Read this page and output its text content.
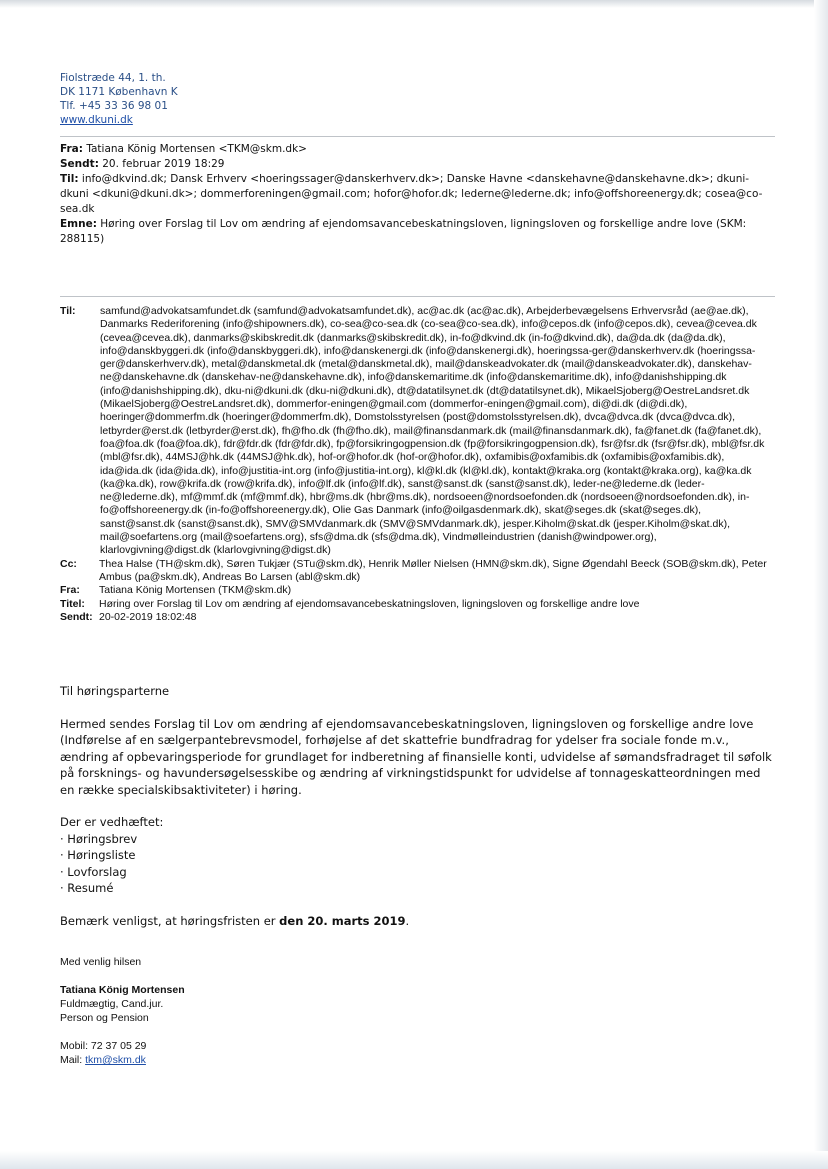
Fiolstræde 44, 1. th.
DK 1171 København K
Tlf. +45 33 36 98 01
www.dkuni.dk

Fra: Tatiana König Mortensen <TKM@skm.dk>

Sendt: 20. februar 2019 18:29

Til: info@dkvind.dk; Dansk Erhverv <hoeringssager@danskerhverv.dk>; Danske Havne <danskehavne@danskehavne.dk>; dkuni-dkuni <dkuni@dkuni.dk>; dommerforeningen@gmail.com; hofor@hofor.dk; lederne@lederne.dk; info@offshoreenergy.dk; cosea@co-sea.dk

Emne: Høring over Forslag til Lov om ændring af ejendomsavancebeskatningsloven, ligningsloven og forskellige andre love (SKM: 288115)

Til:	samfund@advokatsamfundet.dk (samfund@advokatsamfundet.dk), ac@ac.dk (ac@ac.dk), Arbejderbevægelsens Erhvervsråd (ae@ae.dk), Danmarks Rederiforening (info@shipowners.dk), co-sea@co-sea.dk (co-sea@co-sea.dk), info@cepos.dk (info@cepos.dk), cevea@cevea.dk (cevea@cevea.dk), danmarks@skibskredit.dk (danmarks@skibskredit.dk), in-fo@dkvind.dk (in-fo@dkvind.dk), da@da.dk (da@da.dk), info@danskbyggeri.dk (info@danskbyggeri.dk), info@danskenergi.dk (info@danskenergi.dk), hoeringssa-ger@danskerhverv.dk (hoeringssa-ger@danskerhverv.dk), metal@danskmetal.dk (metal@danskmetal.dk), mail@danskeadvokater.dk (mail@danskeadvokater.dk), danskehav-ne@danskehavne.dk (danskehav-ne@danskehavne.dk), info@danskemaritime.dk (info@danskemaritime.dk), info@danishshipping.dk (info@danishshipping.dk), dku-ni@dkuni.dk (dku-ni@dkuni.dk), dt@datatilsynet.dk (dt@datatilsynet.dk), MikaelSjoberg@OestreLandsret.dk (MikaelSjoberg@OestreLandsret.dk), dommerfor-eningen@gmail.com (dommerfor-eningen@gmail.com), di@di.dk (di@di.dk), hoeringer@dommerfm.dk (hoeringer@dommerfm.dk), Domstolsstyrelsen (post@domstolsstyrelsen.dk), dvca@dvca.dk (dvca@dvca.dk), letbyrder@erst.dk (letbyrder@erst.dk), fh@fho.dk (fh@fho.dk), mail@finansdanmark.dk (mail@finansdanmark.dk), fa@fanet.dk (fa@fanet.dk), foa@foa.dk (foa@foa.dk), fdr@fdr.dk (fdr@fdr.dk), fp@forsikringogpension.dk (fp@forsikringogpension.dk), fsr@fsr.dk (fsr@fsr.dk), mbl@fsr.dk (mbl@fsr.dk), 44MSJ@hk.dk (44MSJ@hk.dk), hof-or@hofor.dk (hof-or@hofor.dk), oxfamibis@oxfamibis.dk (oxfamibis@oxfamibis.dk), ida@ida.dk (ida@ida.dk), info@justitia-int.org (info@justitia-int.org), kl@kl.dk (kl@kl.dk), kontakt@kraka.org (kontakt@kraka.org), ka@ka.dk (ka@ka.dk), row@krifa.dk (row@krifa.dk), info@lf.dk (info@lf.dk), sanst@sanst.dk (sanst@sanst.dk), leder-ne@lederne.dk (leder-ne@lederne.dk), mf@mmf.dk (mf@mmf.dk), hbr@ms.dk (hbr@ms.dk), nordsoeen@nordsoefonden.dk (nordsoeen@nordsoefonden.dk), in-fo@offshoreenergy.dk (in-fo@offshoreenergy.dk), Olie Gas Danmark (info@oilgasdenmark.dk), skat@seges.dk (skat@seges.dk), sanst@sanst.dk (sanst@sanst.dk), SMV@SMVdanmark.dk (SMV@SMVdanmark.dk), jesper.Kiholm@skat.dk (jesper.Kiholm@skat.dk), mail@soefartens.org (mail@soefartens.org), sfs@dma.dk (sfs@dma.dk), Vindmølleindustrien (danish@windpower.org), klarlovgivning@digst.dk (klarlovgivning@digst.dk)
Cc:	Thea Halse (TH@skm.dk), Søren Tukjær (STu@skm.dk), Henrik Møller Nielsen (HMN@skm.dk), Signe Øgendahl Beeck (SOB@skm.dk), Peter Ambus (pa@skm.dk), Andreas Bo Larsen (abl@skm.dk)
Fra:	Tatiana König Mortensen (TKM@skm.dk)
Titel:	Høring over Forslag til Lov om ændring af ejendomsavancebeskatningsloven, ligningsloven og forskellige andre love
Sendt: 20-02-2019 18:02:48

Til høringsparterne

Hermed sendes Forslag til Lov om ændring af ejendomsavancebeskatningsloven, ligningsloven og forskellige andre love (Indførelse af en sælgerpantebrevsmodel, forhøjelse af det skattefrie bundfradrag for ydelser fra sociale fonde m.v., ændring af opbevaringsperiode for grundlaget for indberetning af finansielle konti, udvidelse af sømandsfradraget til søfolk på forsknings- og havundersøgelsesskibe og ændring af virkningstidspunkt for udvidelse af tonnageskatteordningen med en række specialskibsaktiviteter) i høring.

Der er vedhæftet:

· Høringsbrev
· Høringsliste
· Lovforslag
· Resumé

Bemærk venligst, at høringsfristen er den 20. marts 2019.

Med venlig hilsen

Tatiana König Mortensen

Fuldmægtig, Cand.jur.

Person og Pension

Mobil: 72 37 05 29

Mail: tkm@skm.dk
